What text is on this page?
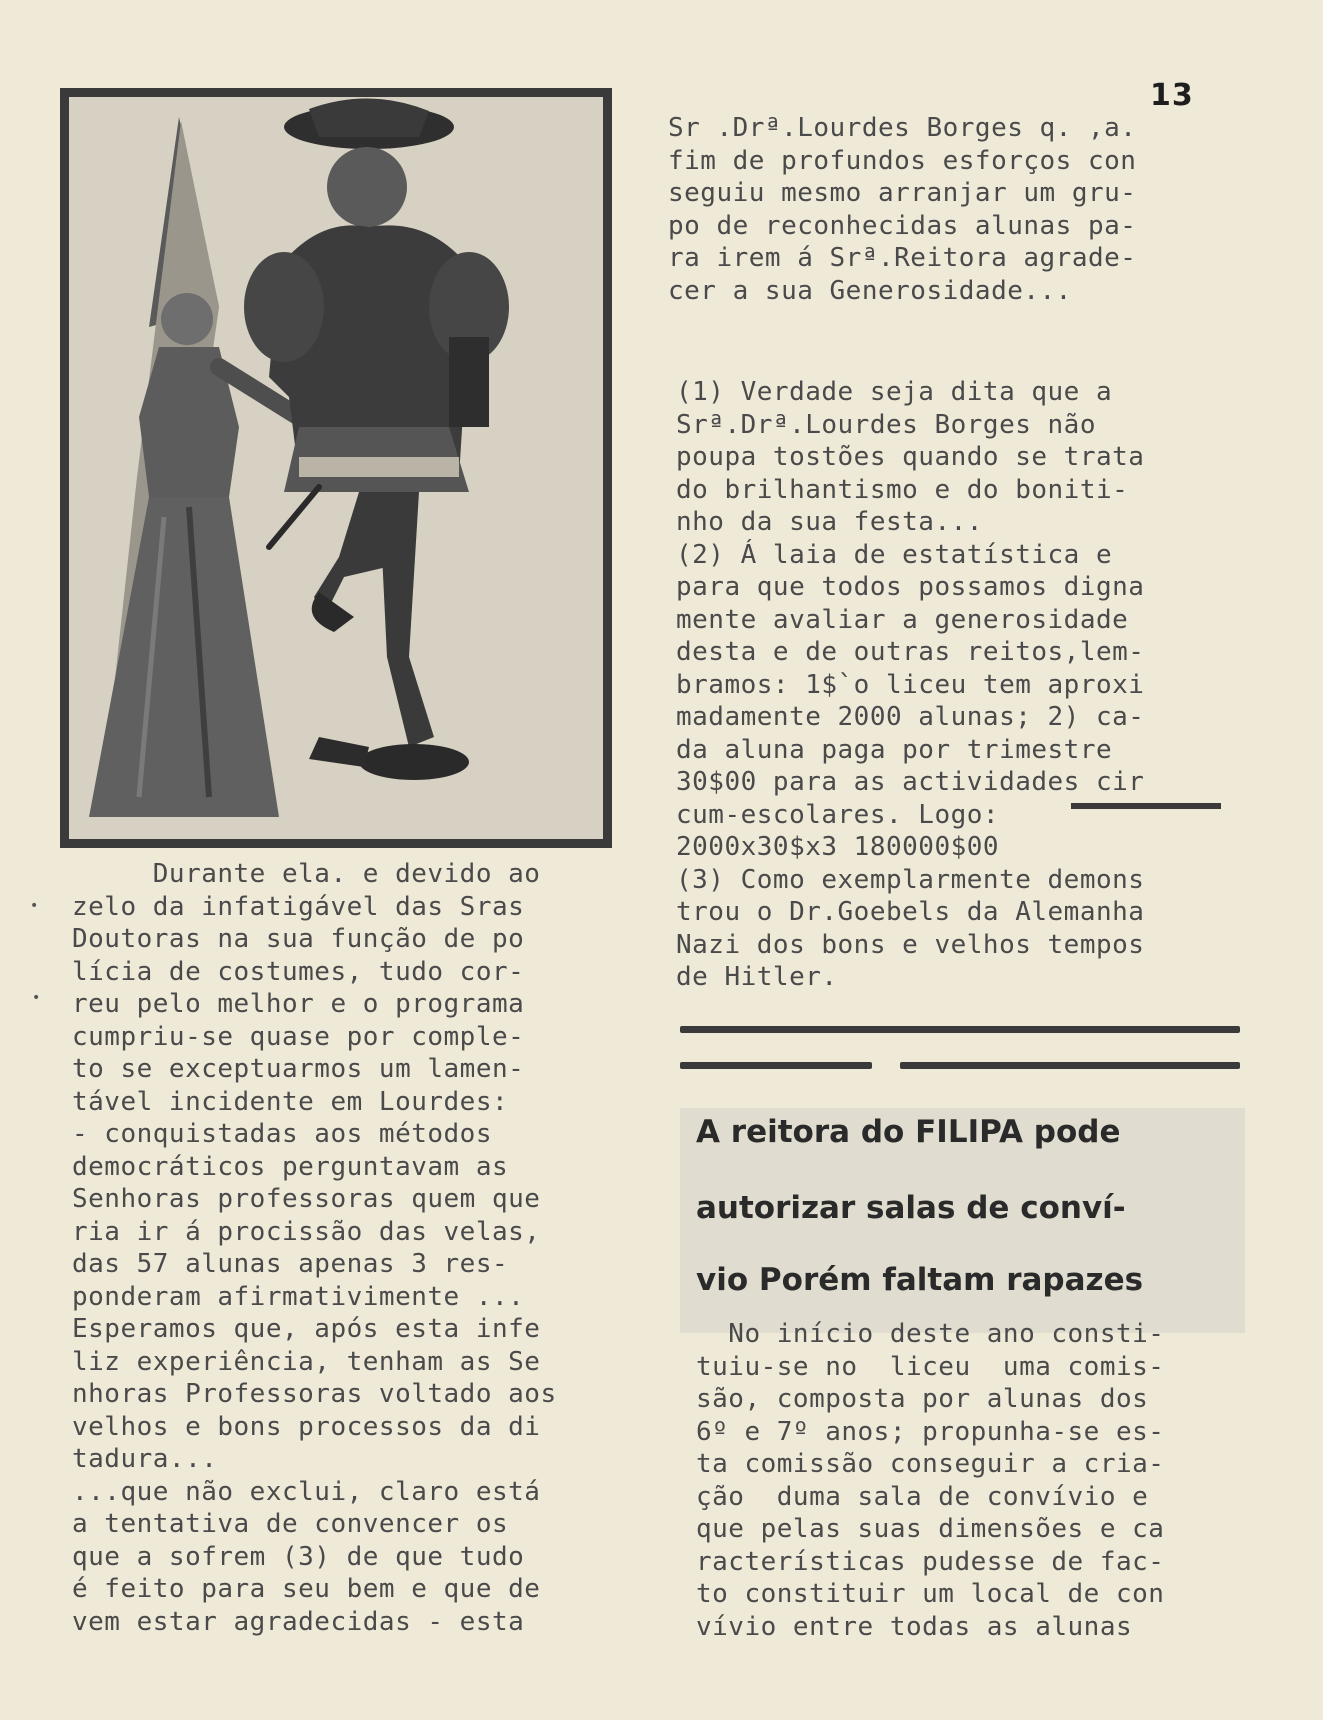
13
•
•

Sr .Drª.Lourdes Borges q. ,a.

fim de profundos esforços con

seguiu mesmo arranjar um gru-

po de reconhecidas alunas pa-

ra irem á Srª.Reitora agrade-

cer a sua Generosidade...

(1) Verdade seja dita que a

Srª.Drª.Lourdes Borges não

poupa tostões quando se trata

do brilhantismo e do boniti-

nho da sua festa...

(2) Á laia de estatística e

para que todos possamos digna

mente avaliar a generosidade

desta e de outras reitos,lem-

bramos: 1$`o liceu tem aproxi

madamente 2000 alunas; 2) ca-

da aluna paga por trimestre

30$00 para as actividades cir

cum-escolares. Logo:

2000x30$x3 180000$00

(3) Como exemplarmente demons

trou o Dr.Goebels da Alemanha

Nazi dos bons e velhos tempos

de Hitler.

Durante ela. e devido ao

zelo da infatigável das Sras

Doutoras na sua função de po

lícia de costumes, tudo cor-

reu pelo melhor e o programa

cumpriu-se quase por comple-

to se exceptuarmos um lamen-

tável incidente em Lourdes:

- conquistadas aos métodos

democráticos perguntavam as

Senhoras professoras quem que

ria ir á procissão das velas,

das 57 alunas apenas 3 res-

ponderam afirmativimente ...

Esperamos que, após esta infe

liz experiência, tenham as Se

nhoras Professoras voltado aos

velhos e bons processos da di

tadura...

...que não exclui, claro está

a tentativa de convencer os

que a sofrem (3) de que tudo

é feito para seu bem e que de

vem estar agradecidas - esta

A reitora do FILIPA pode
autorizar salas de conví-
vio Porém faltam rapazes

No início deste ano consti-

tuiu-se no  liceu  uma comis-

são, composta por alunas dos

6º e 7º anos; propunha-se es-

ta comissão conseguir a cria-

ção  duma sala de convívio e

que pelas suas dimensões e ca

racterísticas pudesse de fac-

to constituir um local de con

vívio entre todas as alunas
